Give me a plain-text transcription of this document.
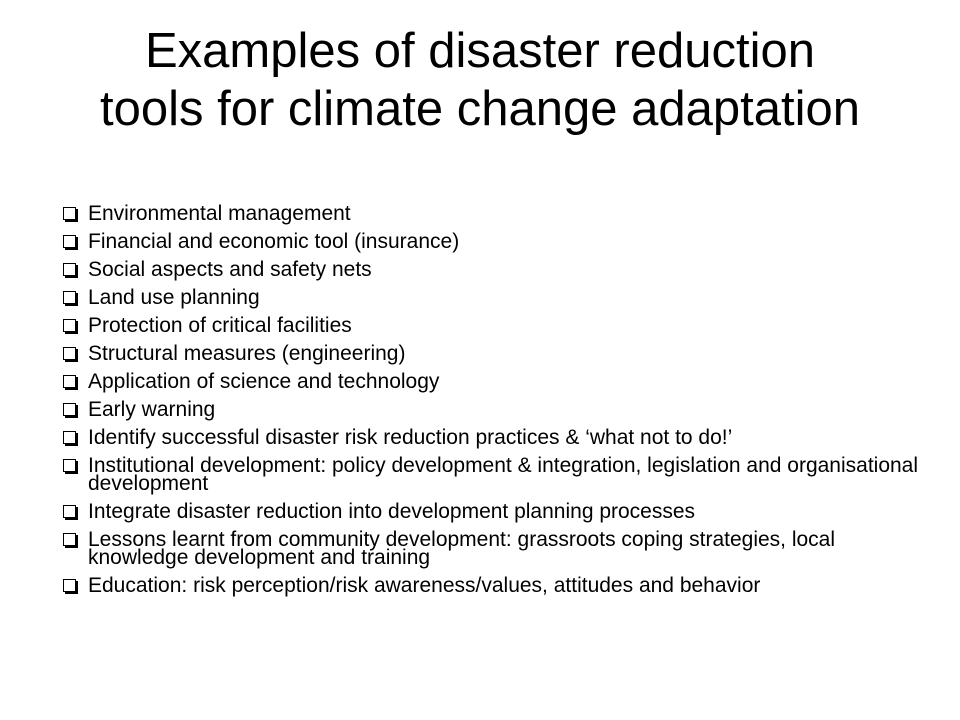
Examples of disaster reduction
tools for climate change adaptation
Environmental management
Financial and economic tool (insurance)
Social aspects and safety nets
Land use planning
Protection of critical facilities
Structural measures (engineering)
Application of science and technology
Early warning
Identify successful disaster risk reduction practices & ‘what not to do!’
Institutional development: policy development & integration, legislation and organisational development
Integrate disaster reduction into development planning processes
Lessons learnt from community development: grassroots coping strategies, local knowledge development and training
Education: risk perception/risk awareness/values, attitudes and behavior
